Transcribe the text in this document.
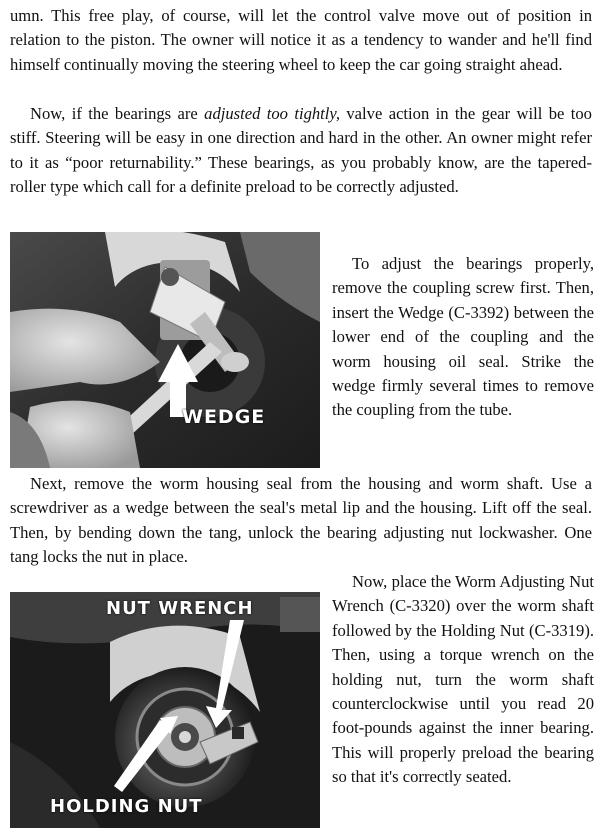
umn. This free play, of course, will let the control valve move out of position in relation to the piston. The owner will notice it as a tendency to wander and he'll find himself continually moving the steering wheel to keep the car going straight ahead.

Now, if the bearings are adjusted too tightly, valve action in the gear will be too stiff. Steering will be easy in one direction and hard in the other. An owner might refer to it as “poor returnability.” These bearings, as you probably know, are the tapered-roller type which call for a definite preload to be correctly adjusted.

WEDGE

To adjust the bearings properly, remove the coupling screw first. Then, insert the Wedge (C-3392) between the lower end of the coupling and the worm housing oil seal. Strike the wedge firmly several times to remove the coupling from the tube.

Next, remove the worm housing seal from the housing and worm shaft. Use a screwdriver as a wedge between the seal's metal lip and the housing. Lift off the seal. Then, by bending down the tang, unlock the bearing adjusting nut lockwasher. One tang locks the nut in place.

NUT WRENCH
HOLDING NUT

Now, place the Worm Adjusting Nut Wrench (C-3320) over the worm shaft followed by the Holding Nut (C-3319). Then, using a torque wrench on the holding nut, turn the worm shaft counterclockwise until you read 20 foot-pounds against the inner bearing. This will properly preload the bearing so that it's correctly seated.
